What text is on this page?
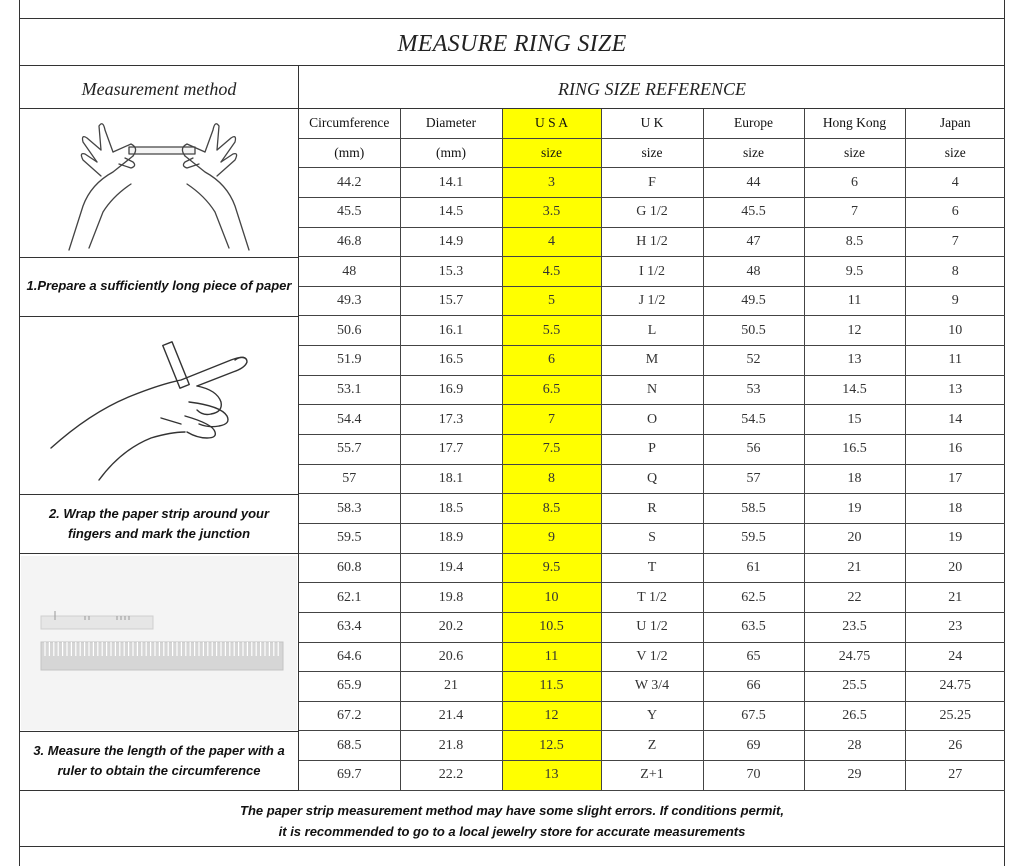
MEASURE RING SIZE
Measurement method	RING SIZE REFERENCE
Circumference	Diameter	U S A	U K	Europe	Hong Kong	Japan
(mm)	(mm)	size	size	size	size	size
44.2	14.1	3	F	44	6	4
45.5	14.5	3.5	G 1/2	45.5	7	6
46.8	14.9	4	H 1/2	47	8.5	7
48	15.3	4.5	I 1/2	48	9.5	8
49.3	15.7	5	J 1/2	49.5	11	9
50.6	16.1	5.5	L	50.5	12	10
51.9	16.5	6	M	52	13	11
53.1	16.9	6.5	N	53	14.5	13
54.4	17.3	7	O	54.5	15	14
55.7	17.7	7.5	P	56	16.5	16
57	18.1	8	Q	57	18	17
58.3	18.5	8.5	R	58.5	19	18
59.5	18.9	9	S	59.5	20	19
60.8	19.4	9.5	T	61	21	20
62.1	19.8	10	T 1/2	62.5	22	21
63.4	20.2	10.5	U 1/2	63.5	23.5	23
64.6	20.6	11	V 1/2	65	24.75	24
65.9	21	11.5	W 3/4	66	25.5	24.75
67.2	21.4	12	Y	67.5	26.5	25.25
68.5	21.8	12.5	Z	69	28	26
69.7	22.2	13	Z+1	70	29	27
1.Prepare a sufficiently long piece of paper
2. Wrap the paper strip around your
fingers and mark the junction
3. Measure the length of the paper with a
ruler to obtain the circumference
The paper strip measurement method may have some slight errors. If conditions permit,
it is recommended to go to a local jewelry store for accurate measurements
